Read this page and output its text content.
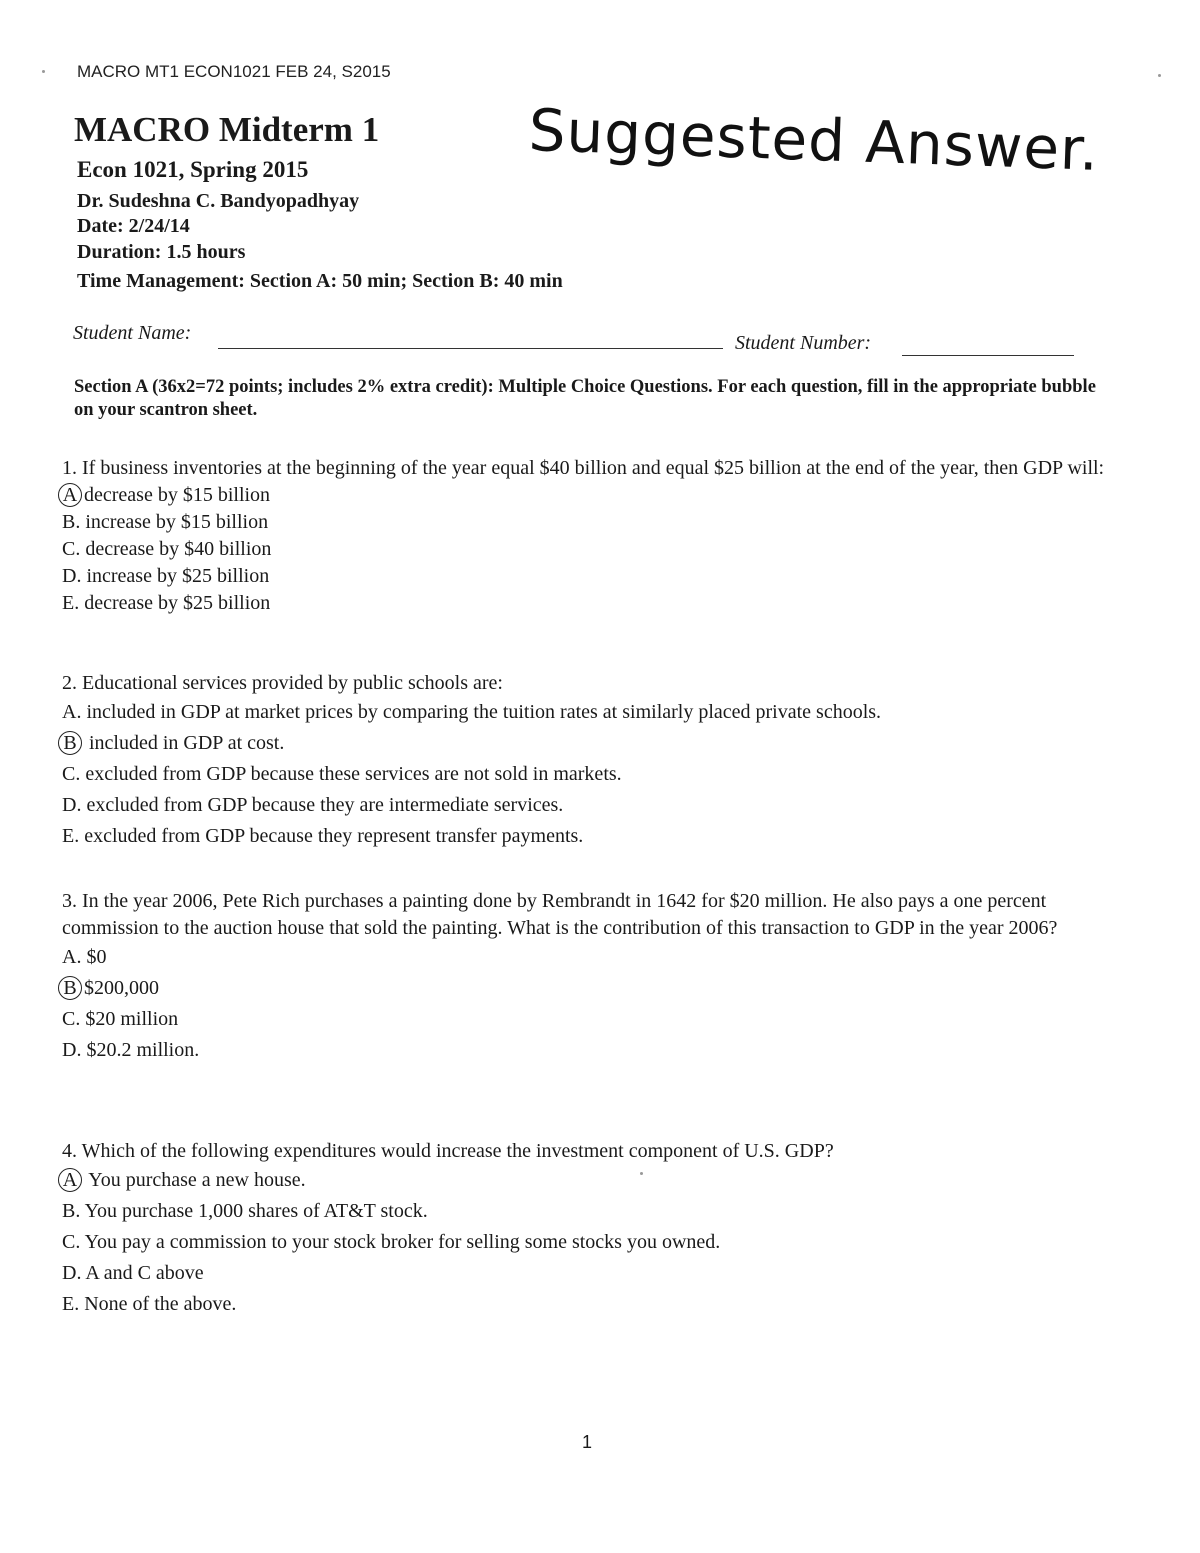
MACRO MT1 ECON1021 FEB 24, S2015
MACRO Midterm 1
Econ 1021, Spring 2015
Dr. Sudeshna C. Bandyopadhyay
Date: 2/24/14
Duration: 1.5 hours
Time Management: Section A: 50 min; Section B: 40 min
Suggested Answer.
Student Name:	Student Number:
Section A (36x2=72 points; includes 2% extra credit): Multiple Choice Questions. For each question, fill in the appropriate bubble on your scantron sheet.
1. If business inventories at the beginning of the year equal $40 billion and equal $25 billion at the end of the year, then GDP will:
A decrease by $15 billion
B. increase by $15 billion
C. decrease by $40 billion
D. increase by $25 billion
E. decrease by $25 billion
2. Educational services provided by public schools are:
A. included in GDP at market prices by comparing the tuition rates at similarly placed private schools.
B included in GDP at cost.
C. excluded from GDP because these services are not sold in markets.
D. excluded from GDP because they are intermediate services.
E. excluded from GDP because they represent transfer payments.
3. In the year 2006, Pete Rich purchases a painting done by Rembrandt in 1642 for $20 million. He also pays a one percent commission to the auction house that sold the painting. What is the contribution of this transaction to GDP in the year 2006?
A. $0
B $200,000
C. $20 million
D. $20.2 million.
4. Which of the following expenditures would increase the investment component of U.S. GDP?
A You purchase a new house.
B. You purchase 1,000 shares of AT&T stock.
C. You pay a commission to your stock broker for selling some stocks you owned.
D. A and C above
E. None of the above.
1
